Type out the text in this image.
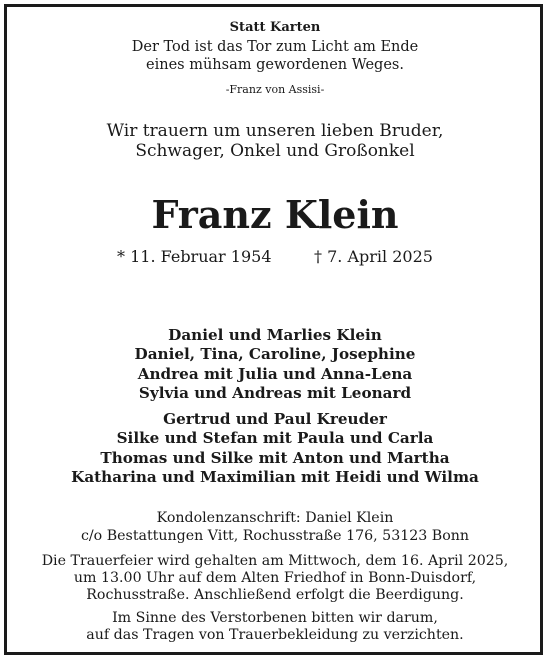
Statt Karten
Der Tod ist das Tor zum Licht am Ende
eines mühsam gewordenen Weges.
-Franz von Assisi-
Wir trauern um unseren lieben Bruder,
Schwager, Onkel und Großonkel
Franz Klein
* 11. Februar 1954	† 7. April 2025
Daniel und Marlies Klein
Daniel, Tina, Caroline, Josephine
Andrea mit Julia und Anna-Lena
Sylvia und Andreas mit Leonard
Gertrud und Paul Kreuder
Silke und Stefan mit Paula und Carla
Thomas und Silke mit Anton und Martha
Katharina und Maximilian mit Heidi und Wilma
Kondolenzanschrift: Daniel Klein
c/o Bestattungen Vitt, Rochusstraße 176, 53123 Bonn
Die Trauerfeier wird gehalten am Mittwoch, dem 16. April 2025,
um 13.00 Uhr auf dem Alten Friedhof in Bonn-Duisdorf,
Rochusstraße. Anschließend erfolgt die Beerdigung.
Im Sinne des Verstorbenen bitten wir darum,
auf das Tragen von Trauerbekleidung zu verzichten.
